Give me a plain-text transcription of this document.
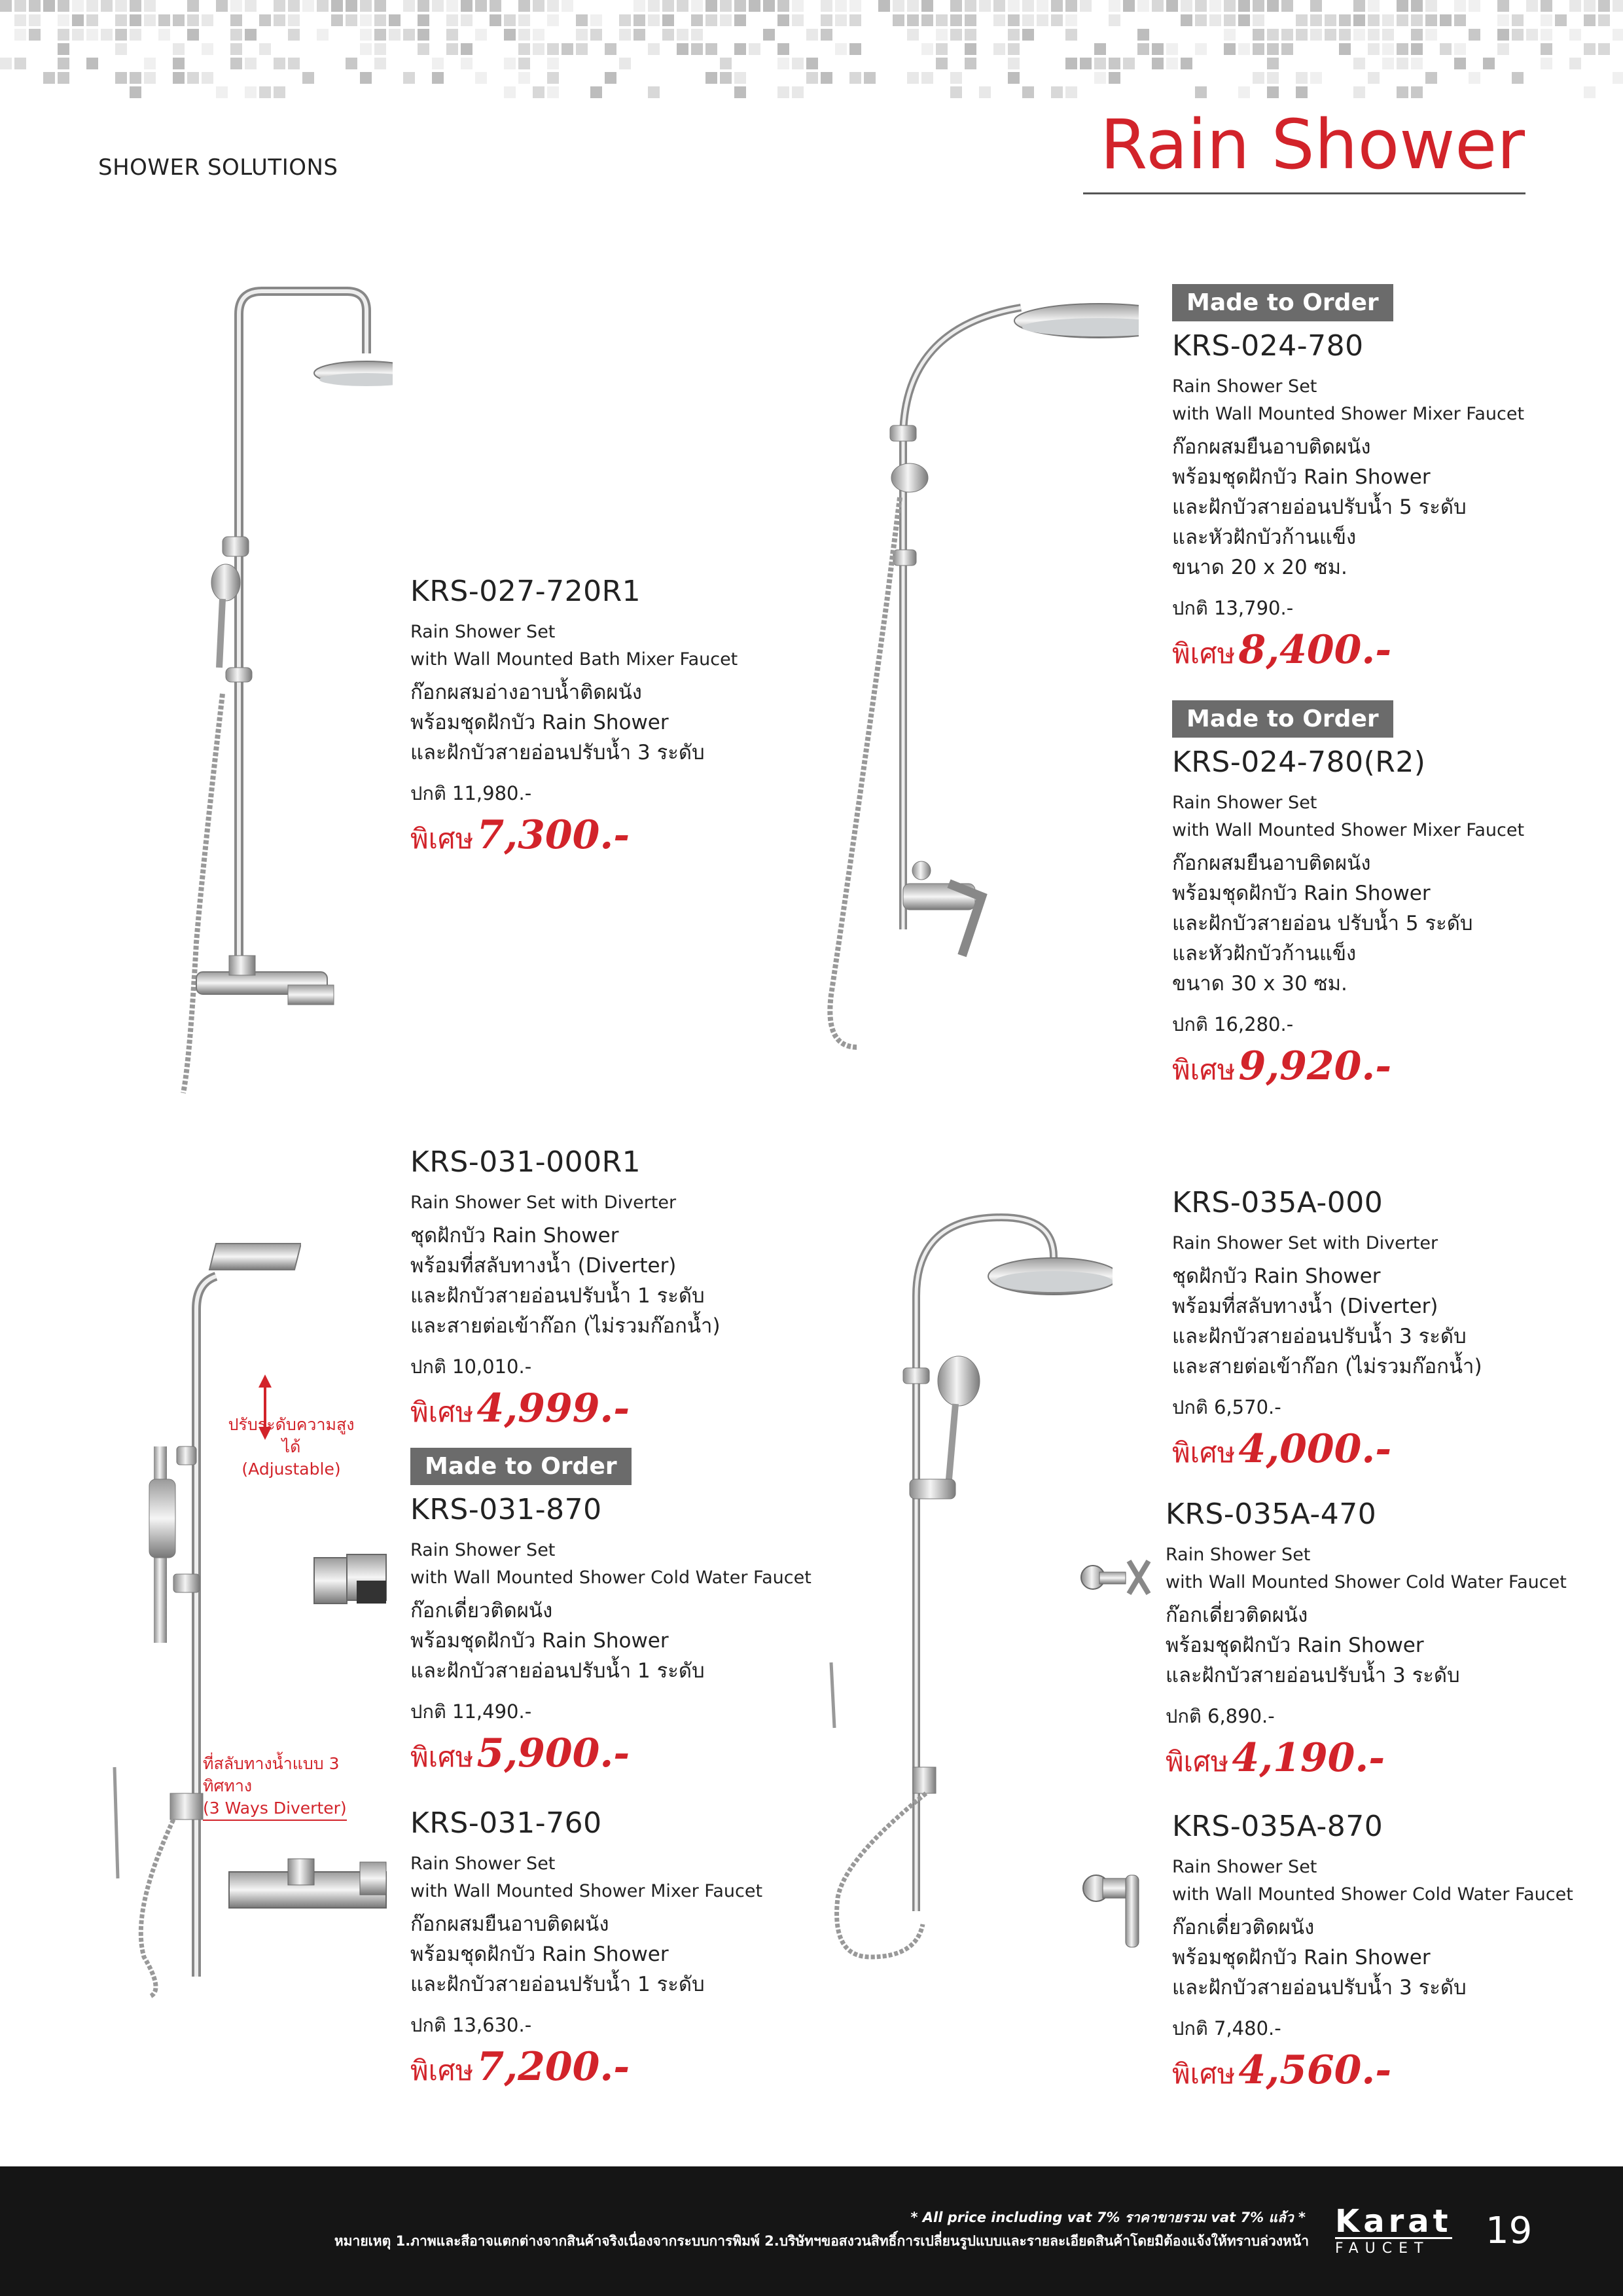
SHOWER SOLUTIONS	Rain Shower
ปรับระดับความสูงได้
(Adjustable)
ที่สลับทางน้ำแบบ 3 ทิศทาง
(3 Ways Diverter)
KRS-027-720R1
Rain Shower Set
with Wall Mounted Bath Mixer Faucet
ก๊อกผสมอ่างอาบน้ำติดผนัง
พร้อมชุดฝักบัว Rain Shower
และฝักบัวสายอ่อนปรับน้ำ 3 ระดับ
ปกติ 11,980.-
พิเศษ 7,300.-
Made to Order
KRS-024-780
Rain Shower Set
with Wall Mounted Shower Mixer Faucet
ก๊อกผสมยืนอาบติดผนัง
พร้อมชุดฝักบัว Rain Shower
และฝักบัวสายอ่อนปรับน้ำ 5 ระดับ
และหัวฝักบัวก้านแข็ง
ขนาด 20 x 20 ซม.
ปกติ 13,790.-
พิเศษ 8,400.-
Made to Order
KRS-024-780(R2)
Rain Shower Set
with Wall Mounted Shower Mixer Faucet
ก๊อกผสมยืนอาบติดผนัง
พร้อมชุดฝักบัว Rain Shower
และฝักบัวสายอ่อน ปรับน้ำ 5 ระดับ
และหัวฝักบัวก้านแข็ง
ขนาด 30 x 30 ซม.
ปกติ 16,280.-
พิเศษ 9,920.-
KRS-031-000R1
Rain Shower Set with Diverter
ชุดฝักบัว Rain Shower
พร้อมที่สลับทางน้ำ (Diverter)
และฝักบัวสายอ่อนปรับน้ำ 1 ระดับ
และสายต่อเข้าก๊อก (ไม่รวมก๊อกน้ำ)
ปกติ 10,010.-
พิเศษ 4,999.-
Made to Order
KRS-031-870
Rain Shower Set
with Wall Mounted Shower Cold Water Faucet
ก๊อกเดี่ยวติดผนัง
พร้อมชุดฝักบัว Rain Shower
และฝักบัวสายอ่อนปรับน้ำ 1 ระดับ
ปกติ 11,490.-
พิเศษ 5,900.-
KRS-031-760
Rain Shower Set
with Wall Mounted Shower Mixer Faucet
ก๊อกผสมยืนอาบติดผนัง
พร้อมชุดฝักบัว Rain Shower
และฝักบัวสายอ่อนปรับน้ำ 1 ระดับ
ปกติ 13,630.-
พิเศษ 7,200.-
KRS-035A-000
Rain Shower Set with Diverter
ชุดฝักบัว Rain Shower
พร้อมที่สลับทางน้ำ (Diverter)
และฝักบัวสายอ่อนปรับน้ำ 3 ระดับ
และสายต่อเข้าก๊อก (ไม่รวมก๊อกน้ำ)
ปกติ 6,570.-
พิเศษ 4,000.-
KRS-035A-470
Rain Shower Set
with Wall Mounted Shower Cold Water Faucet
ก๊อกเดี่ยวติดผนัง
พร้อมชุดฝักบัว Rain Shower
และฝักบัวสายอ่อนปรับน้ำ 3 ระดับ
ปกติ 6,890.-
พิเศษ 4,190.-
KRS-035A-870
Rain Shower Set
with Wall Mounted Shower Cold Water Faucet
ก๊อกเดี่ยวติดผนัง
พร้อมชุดฝักบัว Rain Shower
และฝักบัวสายอ่อนปรับน้ำ 3 ระดับ
ปกติ 7,480.-
พิเศษ 4,560.-
* All price including vat 7% ราคาขายรวม vat 7% แล้ว *
หมายเหตุ 1.ภาพและสีอาจแตกต่างจากสินค้าจริงเนื่องจากระบบการพิมพ์ 2.บริษัทฯขอสงวนสิทธิ์การเปลี่ยนรูปแบบและรายละเอียดสินค้าโดยมิต้องแจ้งให้ทราบล่วงหน้า
Karat
FAUCET	19
